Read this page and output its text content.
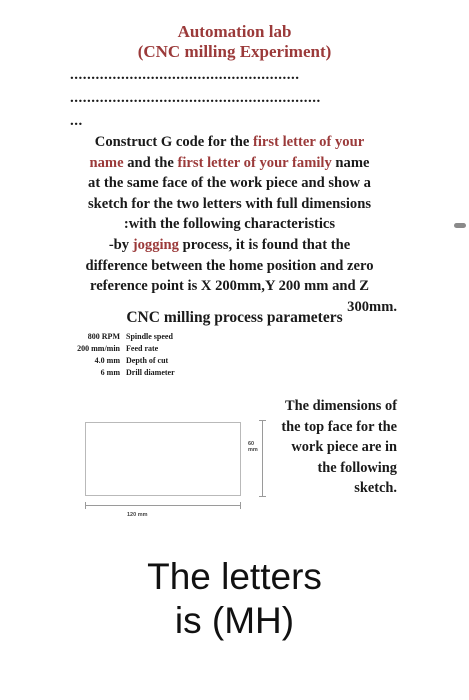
Automation lab
(CNC milling Experiment)
......................................................
...........................................................
...
Construct G code for the first letter of your
name and the first letter of your family name
at the same face of the work piece and show a
sketch for the two letters with full dimensions
:with the following characteristics
-by jogging process, it is found that the
difference between the home position and zero
reference point is X 200mm,Y 200 mm and Z
300mm.
CNC milling process parameters
800 RPM Spindle speed
200 mm/min Feed rate
4.0 mm Depth of cut
6 mm Drill diameter
The dimensions of
the top face for the
work piece are in
the following
sketch.
60
mm
120 mm
The letters
is (MH)
